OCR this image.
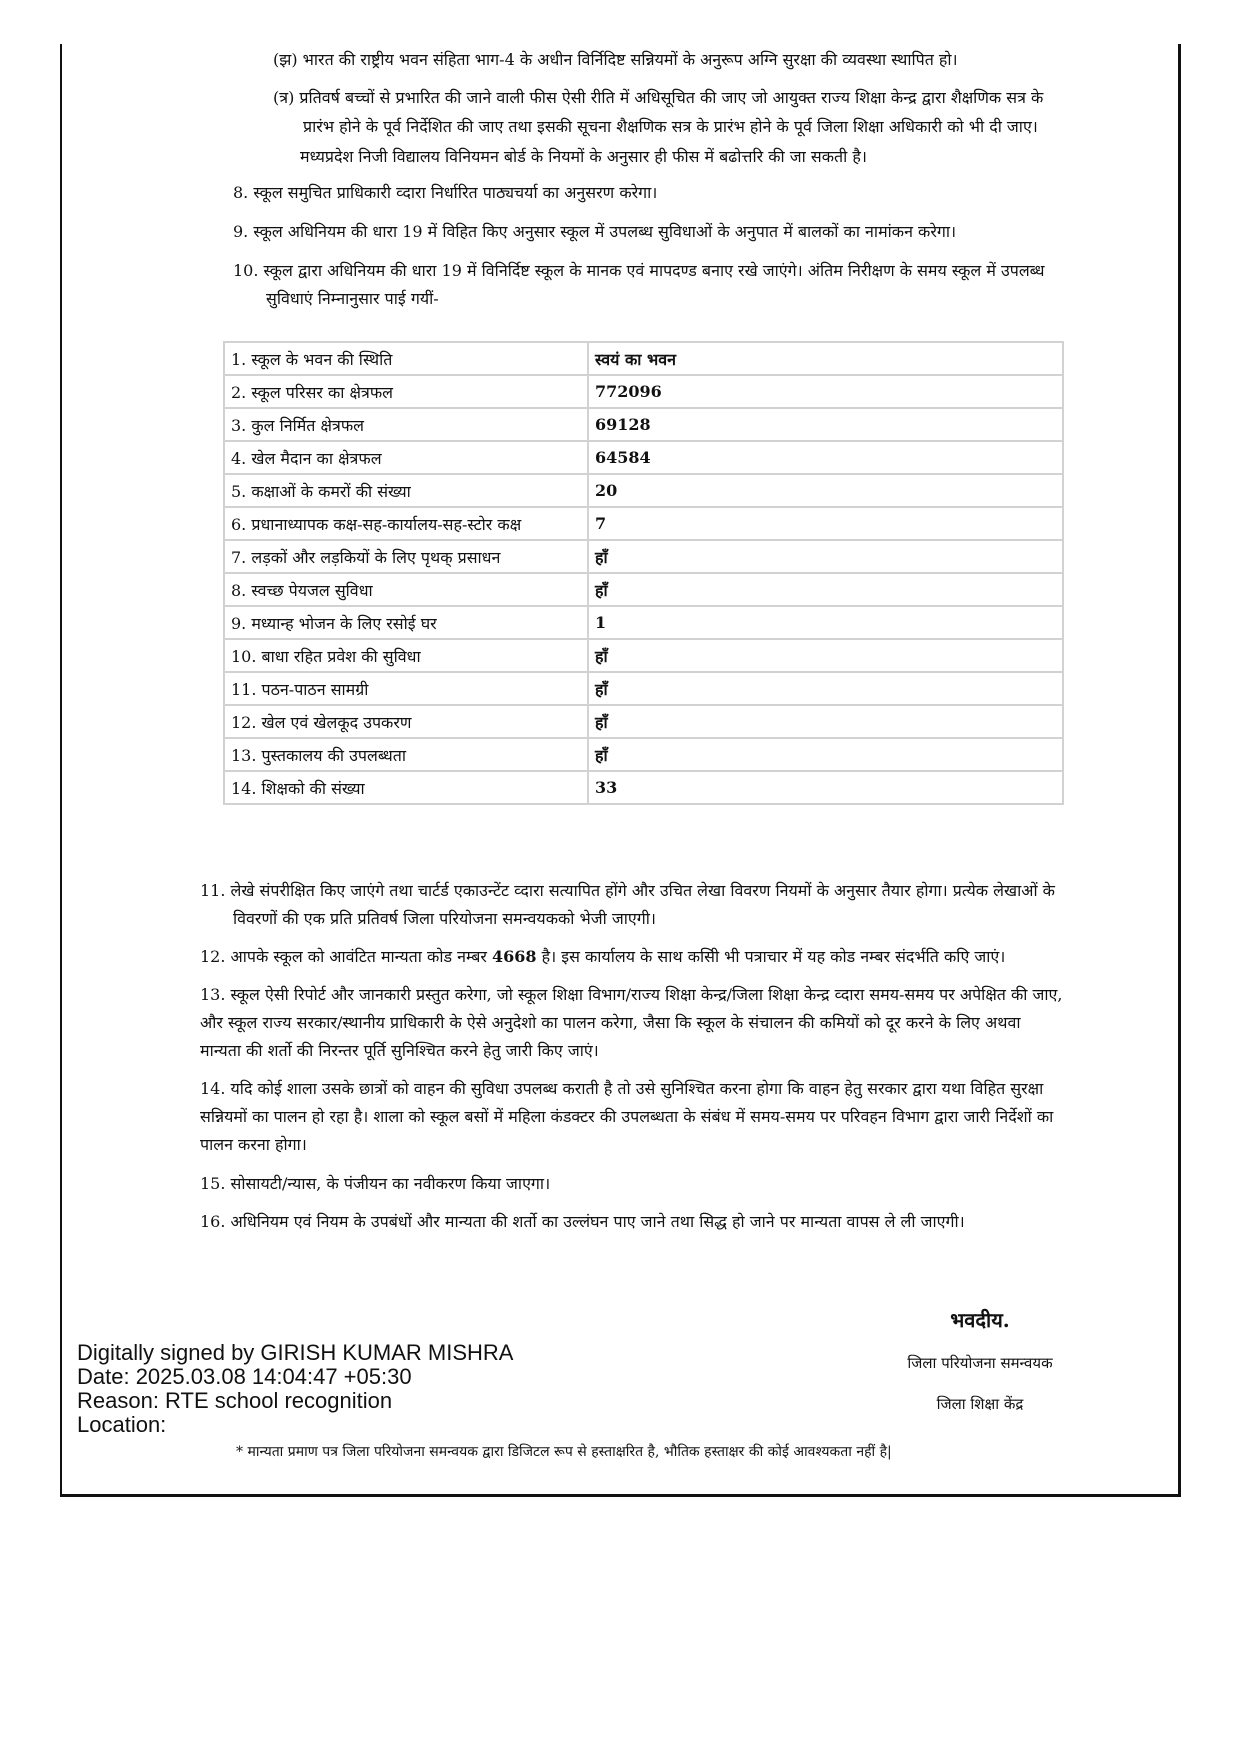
(झ) भारत की राष्ट्रीय भवन संहिता भाग-4 के अधीन विर्निदिष्ट सन्नियमों के अनुरूप अग्नि सुरक्षा की व्यवस्था स्थापित हो।
(त्र) प्रतिवर्ष बच्चों से प्रभारित की जाने वाली फीस ऐसी रीति में अधिसूचित की जाए जो आयुक्त राज्य शिक्षा केन्द्र द्वारा शैक्षणिक सत्र के
प्रारंभ होने के पूर्व निर्देशित की जाए तथा इसकी सूचना शैक्षणिक सत्र के प्रारंभ होने के पूर्व जिला शिक्षा अधिकारी को भी दी जाए।
मध्यप्रदेश निजी विद्यालय विनियमन बोर्ड के नियमों के अनुसार ही फीस में बढोत्तरि की जा सकती है।
8. स्कूल समुचित प्राधिकारी व्दारा निर्धारित पाठ्यचर्या का अनुसरण करेगा।
9. स्कूल अधिनियम की धारा 19 में विहित किए अनुसार स्कूल में उपलब्ध सुविधाओं के अनुपात में बालकों का नामांकन करेगा।
10. स्कूल द्वारा अधिनियम की धारा 19 में विनिर्दिष्ट स्कूल के मानक एवं मापदण्ड बनाए रखे जाएंगे। अंतिम निरीक्षण के समय स्कूल में उपलब्ध
सुविधाएं निम्नानुसार पाई गयीं-
1. स्कूल के भवन की स्थिति	स्वयं का भवन
2. स्कूल परिसर का क्षेत्रफल	772096
3. कुल निर्मित क्षेत्रफल	69128
4. खेल मैदान का क्षेत्रफल	64584
5. कक्षाओं के कमरों की संख्या	20
6. प्रधानाध्यापक कक्ष-सह-कार्यालय-सह-स्टोर कक्ष	7
7. लड़कों और लड़कियों के लिए पृथक् प्रसाधन	हाँ
8. स्वच्छ पेयजल सुविधा	हाँ
9. मध्यान्ह भोजन के लिए रसोई घर	1
10. बाधा रहित प्रवेश की सुविधा	हाँ
11. पठन-पाठन सामग्री	हाँ
12. खेल एवं खेलकूद उपकरण	हाँ
13. पुस्तकालय की उपलब्धता	हाँ
14. शिक्षको की संख्या	33
11. लेखे संपरीक्षित किए जाएंगे तथा चार्टर्ड एकाउन्टेंट व्दारा सत्यापित होंगे और उचित लेखा विवरण नियमों के अनुसार तैयार होगा। प्रत्येक लेखाओं के
विवरणों की एक प्रति प्रतिवर्ष जिला परियोजना समन्वयकको भेजी जाएगी।
12. आपके स्कूल को आवंटित मान्यता कोड नम्बर 4668 है। इस कार्यालय के साथ कसिी भी पत्राचार में यह कोड नम्बर संदर्भति कएि जाएं।
13. स्कूल ऐसी रिपोर्ट और जानकारी प्रस्तुत करेगा, जो स्कूल शिक्षा विभाग/राज्य शिक्षा केन्द्र/जिला शिक्षा केन्द्र व्दारा समय-समय पर अपेक्षित की जाए,
और स्कूल राज्य सरकार/स्थानीय प्राधिकारी के ऐसे अनुदेशो का पालन करेगा, जैसा कि स्कूल के संचालन की कमियों को दूर करने के लिए अथवा
मान्यता की शर्तो की निरन्तर पूर्ति सुनिश्चित करने हेतु जारी किए जाएं।
14. यदि कोई शाला उसके छात्रों को वाहन की सुविधा उपलब्ध कराती है तो उसे सुनिश्चित करना होगा कि वाहन हेतु सरकार द्वारा यथा विहित सुरक्षा
सन्नियमों का पालन हो रहा है। शाला को स्कूल बसों में महिला कंडक्टर की उपलब्धता के संबंध में समय-समय पर परिवहन विभाग द्वारा जारी निर्देशों का
पालन करना होगा।
15. सोसायटी/न्यास, के पंजीयन का नवीकरण किया जाएगा।
16. अधिनियम एवं नियम के उपबंधों और मान्यता की शर्तो का उल्लंघन पाए जाने तथा सिद्ध हो जाने पर मान्यता वापस ले ली जाएगी।
भवदीय.
जिला परियोजना समन्वयक
जिला शिक्षा केंद्र
Digitally signed by GIRISH KUMAR MISHRA
Date: 2025.03.08 14:04:47 +05:30
Reason: RTE school recognition
Location:
* मान्यता प्रमाण पत्र जिला परियोजना समन्वयक द्वारा डिजिटल रूप से हस्ताक्षरित है, भौतिक हस्ताक्षर की कोई आवश्यकता नहीं है|
